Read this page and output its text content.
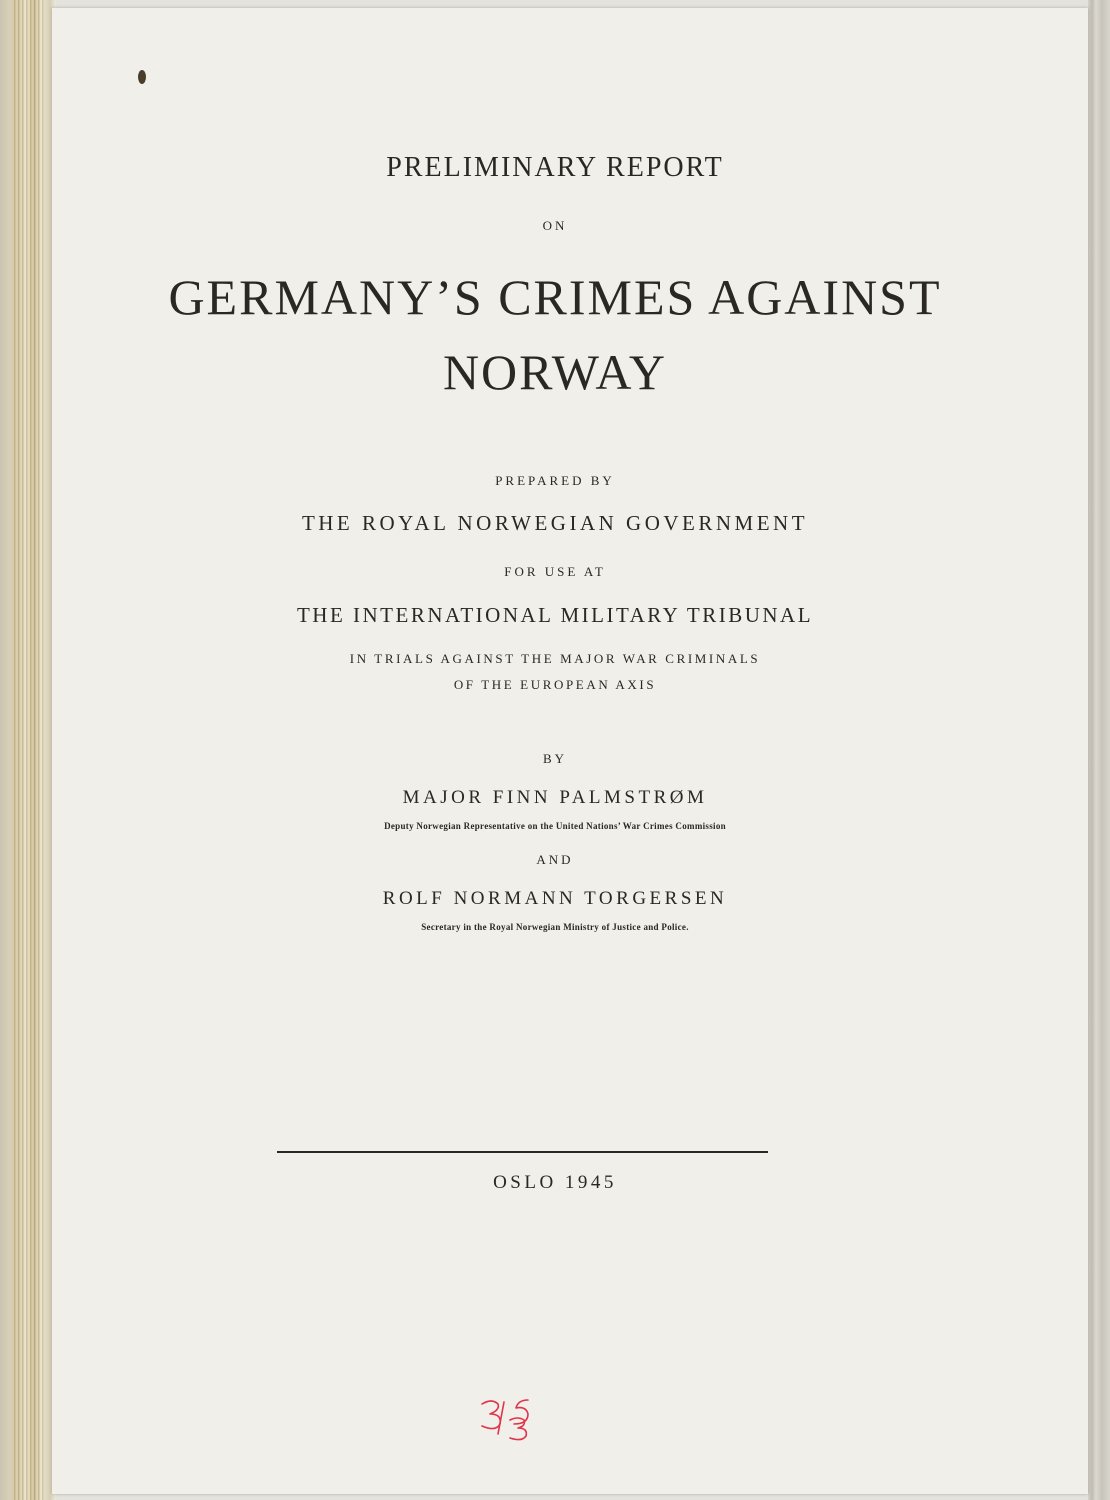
PRELIMINARY REPORT
ON
GERMANY’S CRIMES AGAINST
NORWAY
PREPARED BY
THE ROYAL NORWEGIAN GOVERNMENT
FOR USE AT
THE INTERNATIONAL MILITARY TRIBUNAL
IN TRIALS AGAINST THE MAJOR WAR CRIMINALS
OF THE EUROPEAN AXIS
BY
MAJOR FINN PALMSTRØM
Deputy Norwegian Representative on the United Nations’ War Crimes Commission
AND
ROLF NORMANN TORGERSEN
Secretary in the Royal Norwegian Ministry of Justice and Police.
OSLO 1945
